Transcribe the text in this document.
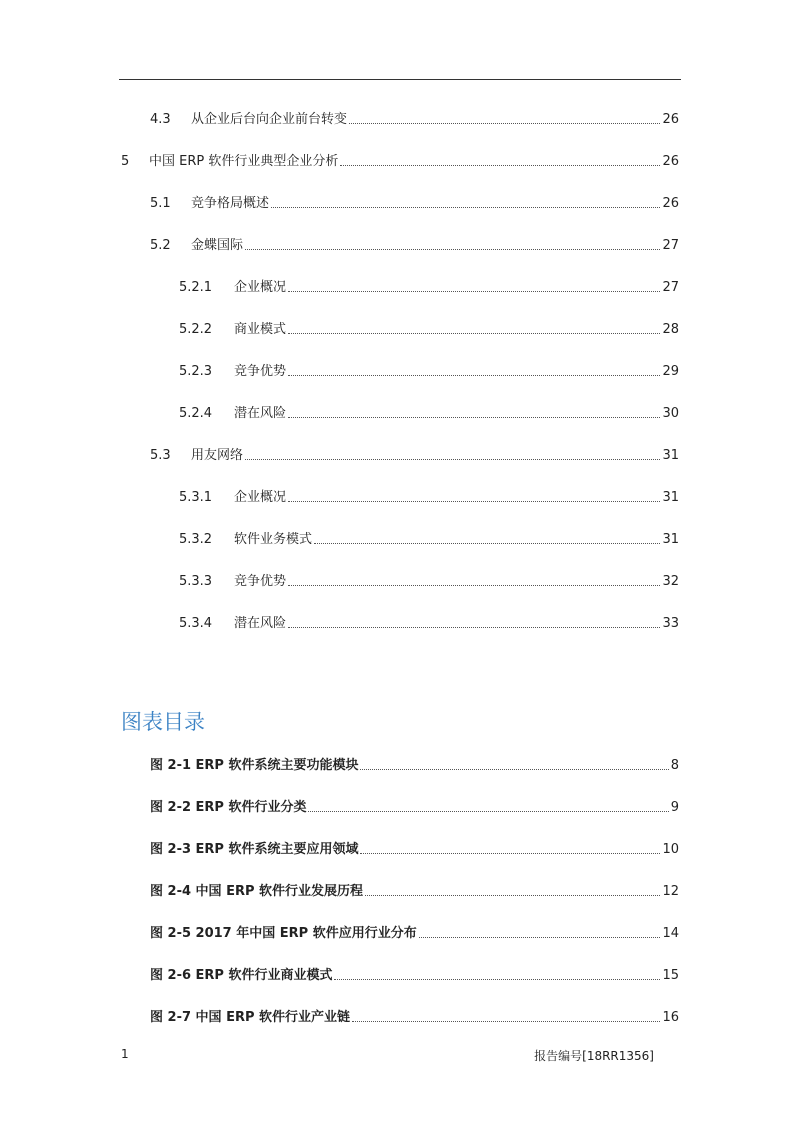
4.3	从企业后台向企业前台转变	26
5	中国 ERP 软件行业典型企业分析	26
5.1	竞争格局概述	26
5.2	金蝶国际	27
5.2.1	企业概况	27
5.2.2	商业模式	28
5.2.3	竞争优势	29
5.2.4	潜在风险	30
5.3	用友网络	31
5.3.1	企业概况	31
5.3.2	软件业务模式	31
5.3.3	竞争优势	32
5.3.4	潜在风险	33
图表目录
图 2-1 ERP 软件系统主要功能模块	8
图 2-2 ERP 软件行业分类	9
图 2-3 ERP 软件系统主要应用领域	10
图 2-4 中国 ERP 软件行业发展历程	12
图 2-5 2017 年中国 ERP 软件应用行业分布	14
图 2-6 ERP 软件行业商业模式	15
图 2-7 中国 ERP 软件行业产业链	16
1	报告编号[18RR1356]
